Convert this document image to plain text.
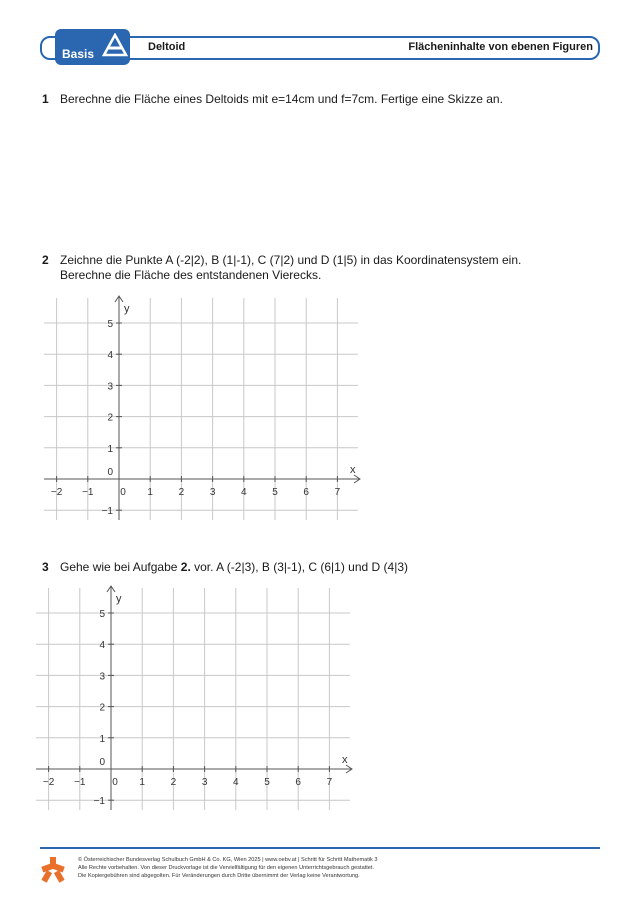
Basis	Deltoid	Flächeninhalte von ebenen Figuren
1 Berechne die Fläche eines Deltoids mit e=14cm und f=7cm. Fertige eine Skizze an.
2 Zeichne die Punkte A (-2|2), B (1|-1), C (7|2) und D (1|5) in das Koordinatensystem ein.
Berechne die Fläche des entstandenen Vierecks.
−2 −1	0 1	2	3	4	5	6	7
5
4
3
2
1
0
−1
x
y
3 Gehe wie bei Aufgabe 2. vor. A (-2|3), B (3|-1), C (6|1) und D (4|3)
−2 −1	0 1	2	3	4	5	6	7
5
4
3
2
1
0
−1
x
y
© Österreichischer Bundesverlag Schulbuch GmbH & Co. KG, Wien 2025 | www.oebv.at | Schritt für Schritt Mathematik 3
Alle Rechte vorbehalten. Von dieser Druckvorlage ist die Vervielfältigung für den eigenen Unterrichtsgebrauch gestattet.
Die Kopiergebühren sind abgegolten. Für Veränderungen durch Dritte übernimmt der Verlag keine Verantwortung.
